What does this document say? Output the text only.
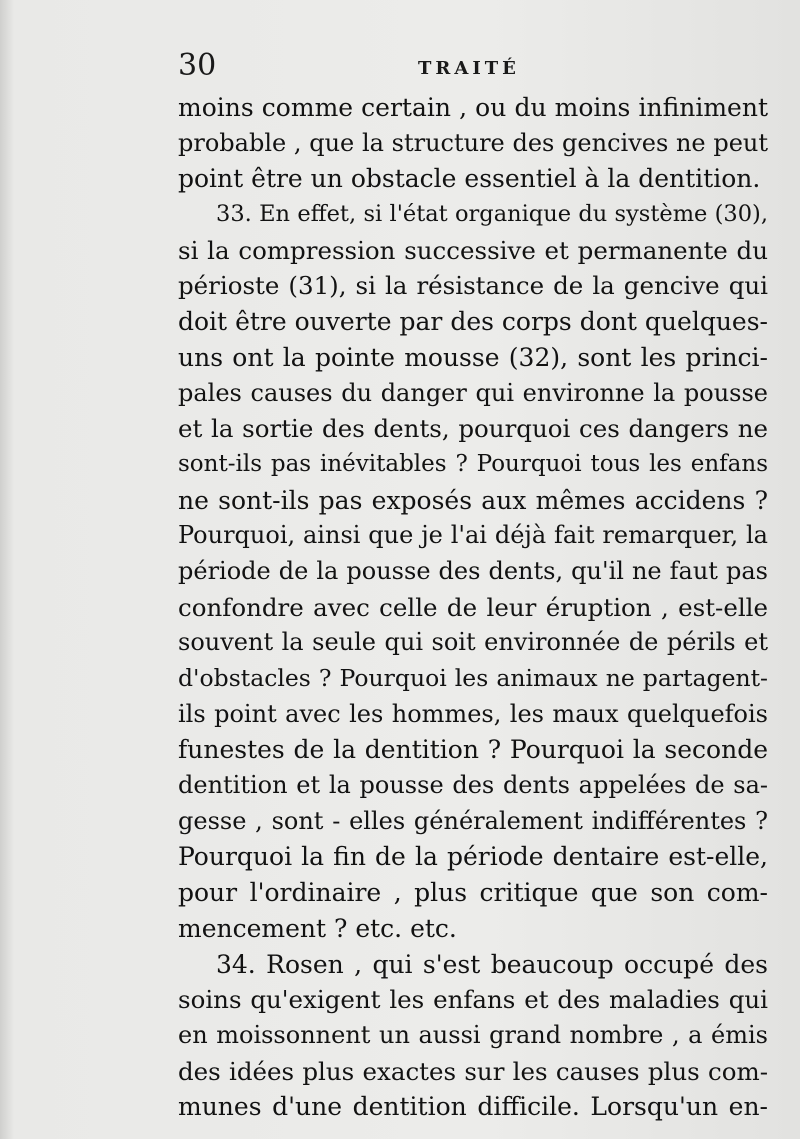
30	TRAITÉ
moins comme certain , ou du moins infiniment
probable , que la structure des gencives ne peut
point être un obstacle essentiel à la dentition.
33. En effet, si l'état organique du système (30),
si la compression successive et permanente du
périoste (31), si la résistance de la gencive qui
doit être ouverte par des corps dont quelques-
uns ont la pointe mousse (32), sont les princi-
pales causes du danger qui environne la pousse
et la sortie des dents, pourquoi ces dangers ne
sont-ils pas inévitables ? Pourquoi tous les enfans
ne sont-ils pas exposés aux mêmes accidens ?
Pourquoi, ainsi que je l'ai déjà fait remarquer, la
période de la pousse des dents, qu'il ne faut pas
confondre avec celle de leur éruption , est-elle
souvent la seule qui soit environnée de périls et
d'obstacles ? Pourquoi les animaux ne partagent-
ils point avec les hommes, les maux quelquefois
funestes de la dentition ? Pourquoi la seconde
dentition et la pousse des dents appelées de sa-
gesse , sont - elles généralement indifférentes ?
Pourquoi la fin de la période dentaire est-elle,
pour l'ordinaire , plus critique que son com-
mencement ? etc. etc.
34. Rosen , qui s'est beaucoup occupé des
soins qu'exigent les enfans et des maladies qui
en moissonnent un aussi grand nombre , a émis
des idées plus exactes sur les causes plus com-
munes d'une dentition difficile. Lorsqu'un en-
